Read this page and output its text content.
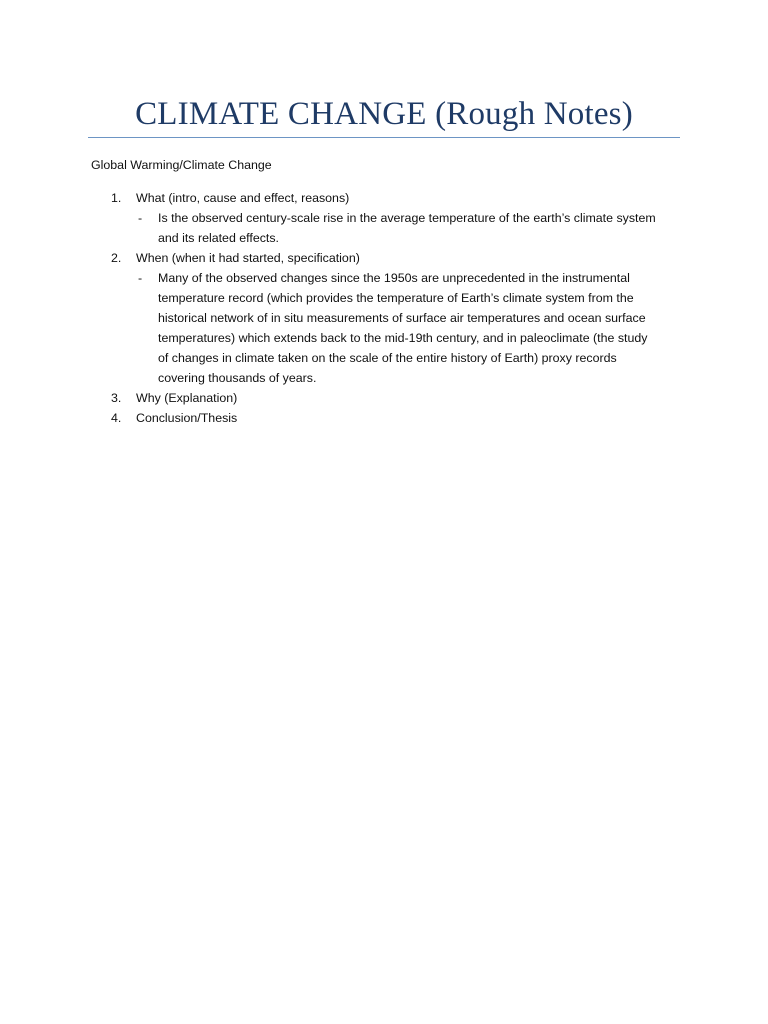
CLIMATE CHANGE (Rough Notes)
Global Warming/Climate Change
1. What (intro, cause and effect, reasons)
- Is the observed century-scale rise in the average temperature of the earth’s climate system
and its related effects.
2. When (when it had started, specification)
- Many of the observed changes since the 1950s are unprecedented in the instrumental
temperature record (which provides the temperature of Earth’s climate system from the
historical network of in situ measurements of surface air temperatures and ocean surface
temperatures) which extends back to the mid-19th century, and in paleoclimate (the study
of changes in climate taken on the scale of the entire history of Earth) proxy records
covering thousands of years.
3. Why (Explanation)
4. Conclusion/Thesis
